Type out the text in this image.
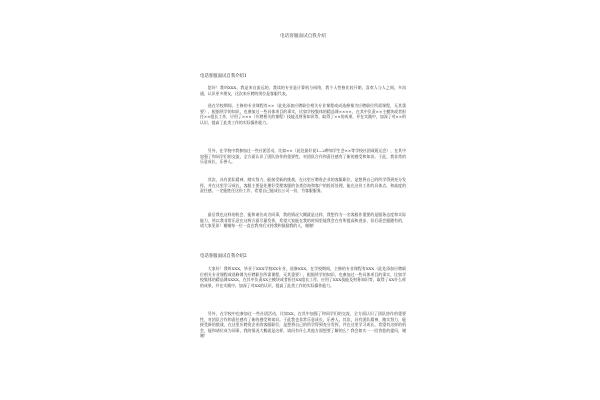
电话客服面试自我介绍
电话客服面试自我介绍1

您好！我叫XXX，我是来自流远的，我读的专业是计算机与网络，我个人性格比较开朗，喜欢人与人之间，多沟通，认识更多朋友，这次来应聘的岗位是客服代表。

选在学校期间，主修的专业课程有××（此处添加应聘职位相关专业课程或成选修课为应聘职位所需课程，无其重要），根据所学的知识，也参加过一些具体项目的事实，比如学校集体的精品课××××，在其中负责××主模块或者担任××组长工作，应用了×××（应聘相关的课程）技能及财务知识等，取得了××的成果，并在实践中，加深了对××的认识，提高了此类工作的实际操作能力。

另外，在学校中我参加过一些社团活动，比如××（此处最好说1—2种如学生会××等学校社团或班运会），在其中加强了和同学们的交流，全方面认识了团队协作的重要性，对团队合作和责任感有了新的感受和知识。于此，我非常的乐意成长，乐善人。

其次，具有团队精神，踏实努力，能接受新的挑战，在这里应聘贵企业的客服职位，是想将自己的所学得到充分发挥，并在这里学习成长，客服主要是处理好受理客服的各类咨询和客户的投诉处理，能在这份工作的具体点，和高度的责任感，一定能胜任这份工作，希望自己能成长公司一份，为客服服务。

最后我也这样的机会，能和诸位成为同事，我的情况大概就是这样，我想作为一名客服作重要的是服务态度和实际能力，所以我非常乐意在这两方面尽量发挥，希望大家能在我的时间里能我会在有所提高和进步，但后面会跟随有的，请大家见谅！谢谢每一位一直在我身后支持我和鼓励我的人，谢谢！

电话客服面试自我介绍2

大家好！我叫XXX，毕业于XXX学校XX专业，选修XXX，在学校期间，主修的专业课程有XXX（此处添加应聘职位相关专业课程或选修课为应聘职位所需课程，无其重要），根据所学的知识，也参加过一些具体项目的事实，比如学校集体的精品课XXXX，在其中负责XX主模块或者担任XX组长工作，应用了XXX技能及财务知识等，取得了XX什么样的成果，并在实践中，加深了对XX的认识，提高了此类工作的实际操作能力。

另外，在学校中也参加过一些社团活动，比如XX，在其中加强了和同学们的交流，全方面认识了团队协作的重要性，对团队合作和责任感有了新的感受和知识。于此我也非常乐意成长，乐善人。其次，具有团队精神，踏实努力，能接受新的挑战，在这里应聘贵企业的客服职位，是想将自己的所学得到充分发挥，并在这里学习成长，希望有这样的机会，能和诸位成为同事，我的情况大概就是这样，请问有什么其他方面想要了解的么？我会如实一一回答您的提问，谢谢！
